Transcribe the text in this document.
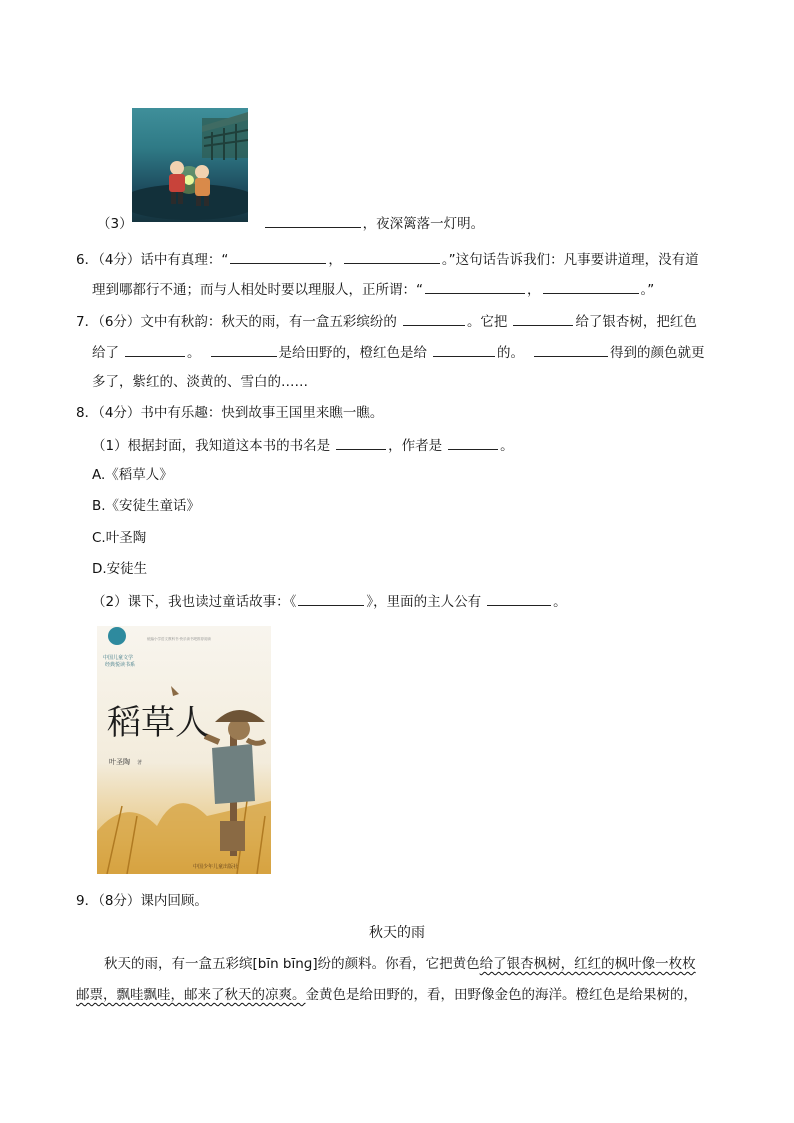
（3）	，夜深篱落一灯明。
6．（4分）话中有真理：“	，	。”这句话告诉我们：凡事要讲道理，没有道
理到哪都行不通；而与人相处时要以理服人，正所谓：“	，	。”
7．（6分）文中有秋韵：秋天的雨，有一盒五彩缤纷的	。它把	给了银杏树，把红色
给了	。	是给田野的，橙红色是给	的。	得到的颜色就更
多了，紫红的、淡黄的、雪白的……
8．（4分）书中有乐趣：快到故事王国里来瞧一瞧。
（1）根据封面，我知道这本书的书名是	，作者是	。
A.《稻草人》
B.《安徒生童话》
C.叶圣陶
D.安徒生
（2）课下，我也读过童话故事：《	》，里面的主人公有	。
中国儿童文学
经典悦读书系
统编小学语文教科书·快乐读书吧推荐阅读
稻草人
叶圣陶 著
中国少年儿童出版社
9．（8分）课内回顾。
秋天的雨
秋天的雨，有一盒五彩缤[bīn bīnɡ]纷的颜料。你看，它把黄色给了银杏枫树，红红的枫叶像一枚枚
邮票，飘哇飘哇，邮来了秋天的凉爽。金黄色是给田野的，看，田野像金色的海洋。橙红色是给果树的，
